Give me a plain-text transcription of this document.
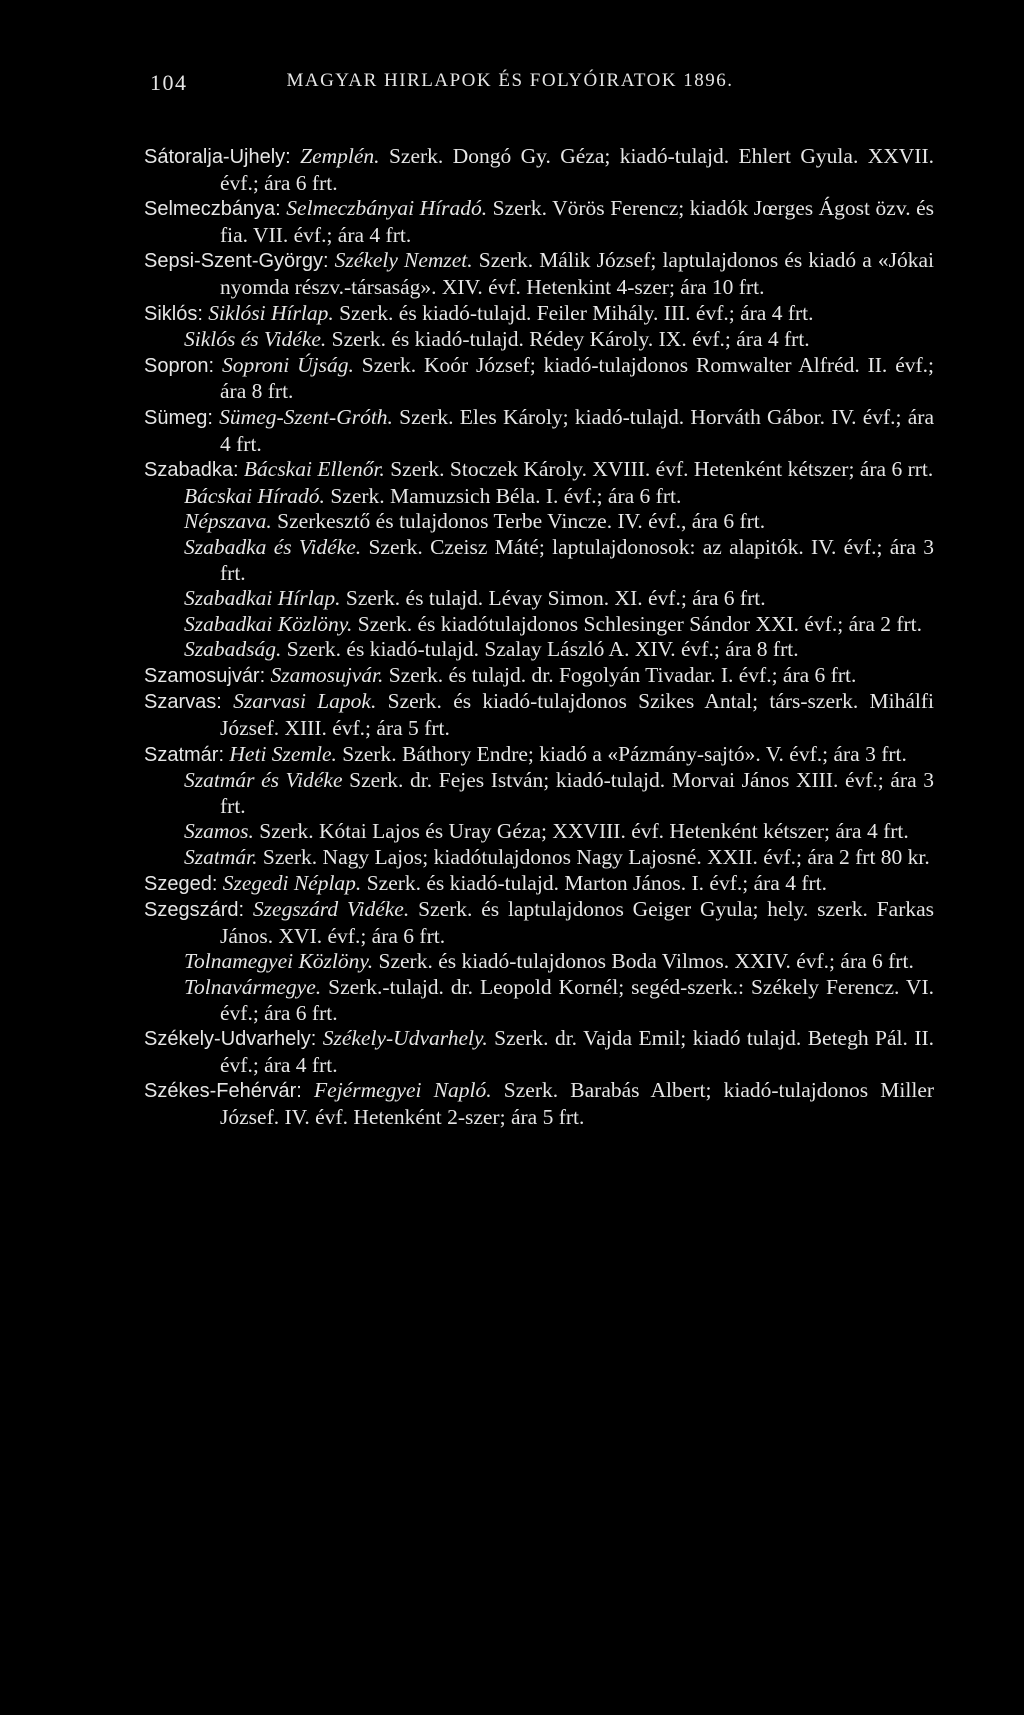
104	MAGYAR HIRLAPOK ÉS FOLYÓIRATOK 1896.

Sátoralja-Ujhely: Zemplén. Szerk. Dongó Gy. Géza; kiadó-tulajd. Ehlert Gyula. XXVII. évf.; ára 6 frt.

Selmeczbánya: Selmeczbányai Híradó. Szerk. Vörös Ferencz; kiadók Jœrges Ágost özv. és fia. VII. évf.; ára 4 frt.

Sepsi-Szent-György: Székely Nemzet. Szerk. Málik József; laptulajdonos és kiadó a «Jókai nyomda részv.-társaság». XIV. évf. Hetenkint 4-szer; ára 10 frt.

Siklós: Siklósi Hírlap. Szerk. és kiadó-tulajd. Feiler Mihály. III. évf.; ára 4 frt.

Siklós és Vidéke. Szerk. és kiadó-tulajd. Rédey Károly. IX. évf.; ára 4 frt.

Sopron: Soproni Újság. Szerk. Koór József; kiadó-tulajdonos Romwalter Alfréd. II. évf.; ára 8 frt.

Sümeg: Sümeg-Szent-Gróth. Szerk. Eles Károly; kiadó-tulajd. Horváth Gábor. IV. évf.; ára 4 frt.

Szabadka: Bácskai Ellenőr. Szerk. Stoczek Károly. XVIII. évf. Hetenként kétszer; ára 6 rrt.

Bácskai Híradó. Szerk. Mamuzsich Béla. I. évf.; ára 6 frt.

Népszava. Szerkesztő és tulajdonos Terbe Vincze. IV. évf., ára 6 frt.

Szabadka és Vidéke. Szerk. Czeisz Máté; laptulajdonosok: az alapitók. IV. évf.; ára 3 frt.

Szabadkai Hírlap. Szerk. és tulajd. Lévay Simon. XI. évf.; ára 6 frt.

Szabadkai Közlöny. Szerk. és kiadótulajdonos Schlesinger Sándor XXI. évf.; ára 2 frt.

Szabadság. Szerk. és kiadó-tulajd. Szalay László A. XIV. évf.; ára 8 frt.

Szamosujvár: Szamosujvár. Szerk. és tulajd. dr. Fogolyán Tivadar. I. évf.; ára 6 frt.

Szarvas: Szarvasi Lapok. Szerk. és kiadó-tulajdonos Szikes Antal; társ-szerk. Mihálfi József. XIII. évf.; ára 5 frt.

Szatmár: Heti Szemle. Szerk. Báthory Endre; kiadó a «Pázmány-sajtó». V. évf.; ára 3 frt.

Szatmár és Vidéke Szerk. dr. Fejes István; kiadó-tulajd. Morvai János XIII. évf.; ára 3 frt.

Szamos. Szerk. Kótai Lajos és Uray Géza; XXVIII. évf. Hetenként kétszer; ára 4 frt.

Szatmár. Szerk. Nagy Lajos; kiadótulajdonos Nagy Lajosné. XXII. évf.; ára 2 frt 80 kr.

Szeged: Szegedi Néplap. Szerk. és kiadó-tulajd. Marton János. I. évf.; ára 4 frt.

Szegszárd: Szegszárd Vidéke. Szerk. és laptulajdonos Geiger Gyula; hely. szerk. Farkas János. XVI. évf.; ára 6 frt.

Tolnamegyei Közlöny. Szerk. és kiadó-tulajdonos Boda Vilmos. XXIV. évf.; ára 6 frt.

Tolnavármegye. Szerk.-tulajd. dr. Leopold Kornél; segéd-szerk.: Székely Ferencz. VI. évf.; ára 6 frt.

Székely-Udvarhely: Székely-Udvarhely. Szerk. dr. Vajda Emil; kiadó tulajd. Betegh Pál. II. évf.; ára 4 frt.

Székes-Fehérvár: Fejérmegyei Napló. Szerk. Barabás Albert; kiadó-tulajdonos Miller József. IV. évf. Hetenként 2-szer; ára 5 frt.
